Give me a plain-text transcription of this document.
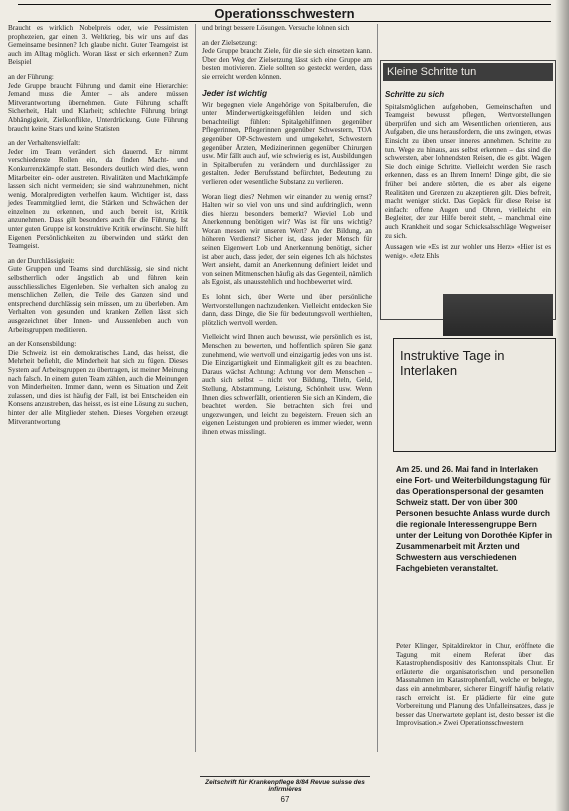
Operationsschwestern

Braucht es wirklich Nobelpreis oder, wie Pessimisten prophezeien, gar einen 3. Weltkrieg, bis wir uns auf das Gemeinsame besinnen? Ich glaube nicht. Guter Teamgeist ist auch im Alltag möglich. Woran lässt er sich erkennen? Zum Beispiel

an der Führung:

Jede Gruppe braucht Führung und damit eine Hierarchie: Jemand muss die Ämter – als andere müssen Mitverantwortung übernehmen. Gute Führung schafft Sicherheit, Halt und Klarheit; schlechte Führung bringt Abhängigkeit, Zielkonflikte, Unterdrückung. Gute Führung braucht keine Stars und keine Statisten

an der Verhaltensvielfalt:

Jeder im Team verändert sich dauernd. Er nimmt verschiedenste Rollen ein, da finden Macht- und Konkurrenzkämpfe statt. Besonders deutlich wird dies, wenn Mitarbeiter ein- oder austreten. Rivalitäten und Machtkämpfe lassen sich nicht vermeiden; sie sind wahrzunehmen, nicht wenig. Moralpredigten verhelfen kaum. Wichtiger ist, dass jedes Teammitglied lernt, die Stärken und Schwächen der einzelnen zu erkennen, und auch bereit ist, Kritik anzunehmen. Dass gilt besonders auch für die Führung. Ist unter guten Gruppe ist konstruktive Kritik erwünscht. Sie hilft Eigenen Persönlichkeiten zu überwinden und stärkt den Teamgeist.

an der Durchlässigkeit:

Gute Gruppen und Teams sind durchlässig, sie sind nicht selbstherrlich oder ängstlich ab und führen kein ausschliessliches Eigenleben. Sie verhalten sich analog zu menschlichen Zellen, die Teile des Ganzen sind und entsprechend durchlässig sein müssen, um zu überleben. Am Verhalten von gesunden und kranken Zellen lässt sich ausgezeichnet über Innen- und Aussenleben auch von Arbeitsgruppen meditieren.

an der Konsensbildung:

Die Schweiz ist ein demokratisches Land, das heisst, die Mehrheit befiehlt, die Minderheit hat sich zu fügen. Dieses System auf Arbeitsgruppen zu übertragen, ist meiner Meinung nach falsch. In einem guten Team zählen, auch die Meinungen von Minderheiten. Immer dann, wenn es Situation und Zeit zulassen, und dies ist häufig der Fall, ist bei Entscheiden ein Konsens anzustreben, das heisst, es ist eine Lösung zu suchen, hinter der alle Mitglieder stehen. Dieses Vorgehen erzeugt Mitverantwortung

und bringt bessere Lösungen. Versuche lohnen sich

an der Zielsetzung:

Jede Gruppe braucht Ziele, für die sie sich einsetzen kann. Über den Weg der Zielsetzung lässt sich eine Gruppe am besten motivieren. Ziele sollten so gesteckt werden, dass sie erreicht werden können.

Jeder ist wichtig

Wir begegnen viele Angehörige von Spitalberufen, die unter Minderwertigkeitsgefühlen leiden und sich benachteiligt fühlen: Spitalgehilfinnen gegenüber Pflegerinnen, Pflegerinnen gegenüber Schwestern, TOA gegenüber OP-Schwestern und umgekehrt, Schwestern gegenüber Ärzten, Medizinerinnen gegenüber Chirurgen usw. Mir fällt auch auf, wie schwierig es ist, Ausbildungen in Spitalberufen zu verändern und durchlässiger zu gestalten. Jeder Berufsstand befürchtet, Bedeutung zu verlieren oder wesentliche Substanz zu verlieren.

Woran liegt dies? Nehmen wir einander zu wenig ernst? Halten wir so viel von uns und sind aufdringlich, wenn dies hierzu besonders bemerkt? Wieviel Lob und Anerkennung benötigen wir? Was ist für uns wichtig? Woran messen wir unseren Wert? An der Bildung, an höheren Verdienst? Sicher ist, dass jeder Mensch für seinen Eigenwert Lob und Anerkennung benötigt, sicher ist aber auch, dass jeder, der sein eigenes Ich als höchstes Wert ansieht, damit an Anerkennung definiert leidet und von seinen Mitmenschen häufig als das Gegenteil, nämlich als Egoist, als unausstehlich und hochbewertet wird.

Es lohnt sich, über Werte und über persönliche Wertvorstellungen nachzudenken. Vielleicht entdecken Sie dann, dass Dinge, die Sie für bedeutungsvoll werthielten, plötzlich wertvoll werden.

Vielleicht wird Ihnen auch bewusst, wie persönlich es ist, Menschen zu bewerten, und hoffentlich spüren Sie ganz zunehmend, wie wertvoll und einzigartig jedes von uns ist. Die Einzigartigkeit und Einmaligkeit gilt es zu beachten. Daraus wächst Achtung: Achtung vor dem Menschen – auch sich selbst – nicht vor Bildung, Titeln, Geld, Stellung, Abstammung, Leistung, Schönheit usw. Wenn Ihnen dies schwerfällt, orientieren Sie sich an Kindern, die beachtet werden. Sie betrachten sich frei und ungezwungen, und leicht zu begeistern. Freuen sich an eigenen Leistungen und probieren es immer wieder, wenn ihnen etwas misslingt.

Kleine Schritte tun
Schritte zu sich
Spitalsmöglichen aufgehoben, Gemeinschaften und Teamgeist bewusst pflegen, Wertvorstellungen überprüfen und sich am Wesentlichen orientieren, aus Aufgaben, die uns herausfordern, die uns zwingen, etwas Einsicht zu üben unser inneres annehmen. Schritte zu tun. Wege zu hinaus, aus selbst erkennen – das sind die schwersten, aber lohnendsten Reisen, die es gibt. Wagen Sie doch einige Schritte. Vielleicht werden Sie rasch erkennen, dass es an Ihrem Innern! Dinge gibt, die sie früher bei andere störten, die es aber als eigene Realitäten und Grenzen zu akzeptieren gilt. Dies befreit, macht weniger stickt. Das Gepäck für diese Reise ist einfach: offene Augen und Ohren, vielleicht ein Begleiter, der zur Hilfe bereit steht, – manchmal eine auch Krankheit und sogar Schicksalsschläge Wegweiser zu sich.
Aussagen wie «Es ist zur wohler uns Herz» «Hier ist es wenig». «Jetz Ehls
Instruktive Tage in Interlaken
Am 25. und 26. Mai fand in Interlaken eine Fort- und Weiterbildungstagung für das Operationspersonal der gesamten Schweiz statt. Der von über 300 Personen besuchte Anlass wurde durch die regionale Interessengruppe Bern unter der Leitung von Dorothée Kipfer in Zusammenarbeit mit Ärzten und Schwestern aus verschiedenen Fachgebieten veranstaltet.
Peter Klinger, Spitaldirektor in Chur, eröffnete die Tagung mit einem Referat über das Katastrophendispositiv des Kantonsspitals Chur. Er erläuterte die organisatorischen und personellen Massnahmen im Katastrophenfall, welche er belegte, dass ein annehmbarer, sicherer Eingriff häufig relativ rasch erreicht ist. Er plädierte für eine gute Vorbereitung und Planung des Unfalleinsatzes, dass je besser das Unerwartete geplant ist, desto besser ist die Improvisation.» Zwei Operationsschwestern
Zeitschrift für Krankenpflege 8/84 Revue suisse des infirmières
67
